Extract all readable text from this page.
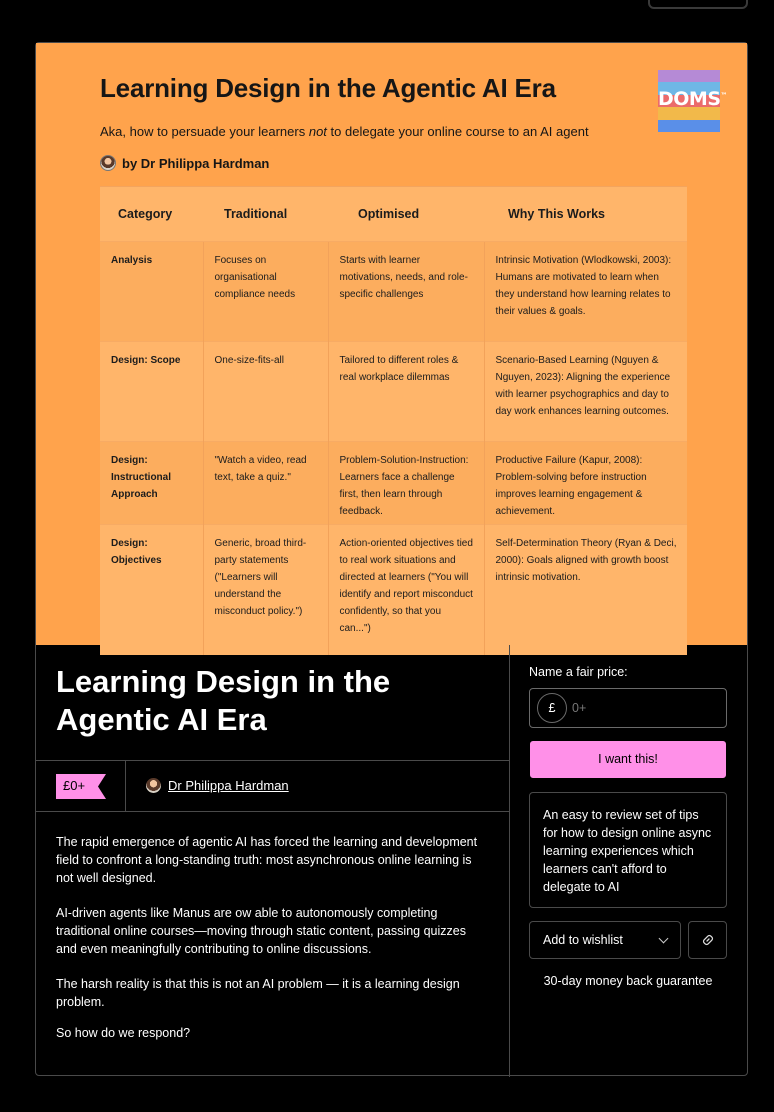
Learning Design in the Agentic AI Era
Aka, how to persuade your learners not to delegate your online course to an AI agent
by Dr Philippa Hardman
DOMS™
Category	Traditional	Optimised	Why This Works
Analysis	Focuses on organisational compliance needs	Starts with learner motivations, needs, and role-specific challenges	Intrinsic Motivation (Wlodkowski, 2003): Humans are motivated to learn when they understand how learning relates to their values & goals.
Design: Scope	One-size-fits-all	Tailored to different roles & real workplace dilemmas	Scenario-Based Learning (Nguyen & Nguyen, 2023): Aligning the experience with learner psychographics and day to day work enhances learning outcomes.
Design: Instructional Approach	"Watch a video, read text, take a quiz."	Problem-Solution-Instruction: Learners face a challenge first, then learn through feedback.	Productive Failure (Kapur, 2008): Problem-solving before instruction improves learning engagement & achievement.
Design: Objectives	Generic, broad third-party statements ("Learners will understand the misconduct policy.")	Action-oriented objectives tied to real work situations and directed at learners ("You will identify and report misconduct confidently, so that you can...")	Self-Determination Theory (Ryan & Deci, 2000): Goals aligned with growth boost intrinsic motivation.
Learning Design in the Agentic AI Era
£0+	Dr Philippa Hardman

The rapid emergence of agentic AI has forced the learning and development field to confront a long-standing truth: most asynchronous online learning is not well designed.

AI-driven agents like Manus are ow able to autonomously completing traditional online courses—moving through static content, passing quizzes and even meaningfully contributing to online discussions.

The harsh reality is that this is not an AI problem — it is a learning design problem.

So how do we respond?

Name a fair price:
£
0+
I want this!
An easy to review set of tips for how to design online async learning experiences which learners can't afford to delegate to AI
Add to wishlist
30-day money back guarantee
